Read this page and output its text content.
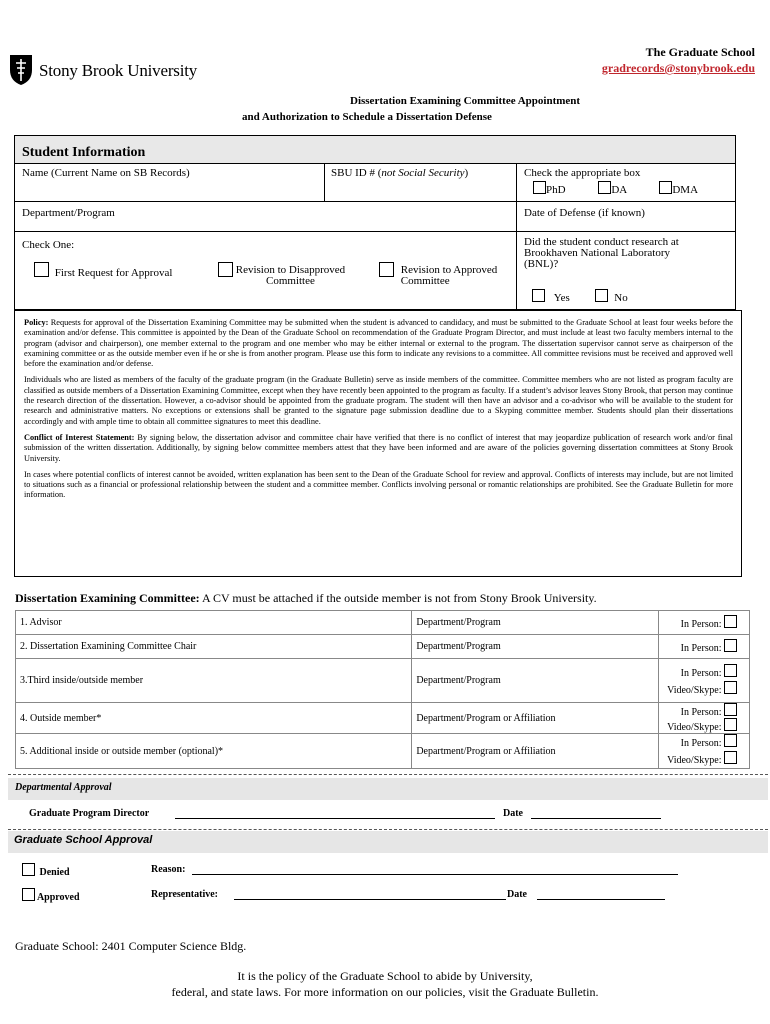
Stony Brook University
The Graduate School
gradrecords@stonybrook.edu
Dissertation Examining Committee Appointment
and Authorization to Schedule a Dissertation Defense
Student Information
Name (Current Name on SB Records)	SBU ID # (not Social Security)	Check the appropriate box
PhD	DA	DMA
Department/Program	Date of Defense (if known)
Check One:
First Request for Approval	Revision to Disapproved
Committee
Revision to Approved
Committee
Did the student conduct research at
Brookhaven National Laboratory
(BNL)?
Yes	No

Policy: Requests for approval of the Dissertation Examining Committee may be submitted when the student is advanced to candidacy, and must be submitted to the Graduate School at least four weeks before the examination and/or defense. This committee is appointed by the Dean of the Graduate School on recommendation of the Graduate Program Director, and must include at least two faculty members internal to the program (advisor and chairperson), one member external to the program and one member who may be either internal or external to the program. The dissertation supervisor cannot serve as chairperson of the examining committee or as the outside member even if he or she is from another program. Please use this form to indicate any revisions to a committee. All committee revisions must be received and approved well before the examination and/or defense.

Individuals who are listed as members of the faculty of the graduate program (in the Graduate Bulletin) serve as inside members of the committee. Committee members who are not listed as program faculty are classified as outside members of a Dissertation Examining Committee, except when they have recently been appointed to the program as faculty. If a student’s advisor leaves Stony Brook, that person may continue the research direction of the dissertation. However, a co-advisor should be appointed from the graduate program. The student will then have an advisor and a co-advisor who will be available to the student for research and administrative matters. No exceptions or extensions shall be granted to the signature page submission deadline due to a Skyping committee member. Students should plan their dissertations accordingly and with ample time to obtain all committee signatures to meet this deadline.

Conflict of Interest Statement: By signing below, the dissertation advisor and committee chair have verified that there is no conflict of interest that may jeopardize publication of research work and/or final submission of the written dissertation. Additionally, by signing below committee members attest that they have been informed and are aware of the policies governing dissertation committees at Stony Brook University.

In cases where potential conflicts of interest cannot be avoided, written explanation has been sent to the Dean of the Graduate School for review and approval. Conflicts of interests may include, but are not limited to situations such as a financial or professional relationship between the student and a committee member. Conflicts involving personal or romantic relationships are prohibited. See the Graduate Bulletin for more information.

Dissertation Examining Committee: A CV must be attached if the outside member is not from Stony Brook University.
1. Advisor	Department/Program	In Person:
2. Dissertation Examining Committee Chair	Department/Program	In Person:
3.Third inside/outside member	Department/Program	In Person:
Video/Skype:
4. Outside member*	Department/Program or Affiliation	In Person:
Video/Skype:
5. Additional inside or outside member (optional)*	Department/Program or Affiliation	In Person:
Video/Skype:
Departmental Approval
Graduate Program Director	Date
Graduate School Approval
Denied	Reason:
Approved	Representative:	Date
Graduate School: 2401 Computer Science Bldg.
It is the policy of the Graduate School to abide by University,
federal, and state laws. For more information on our policies, visit the Graduate Bulletin.
